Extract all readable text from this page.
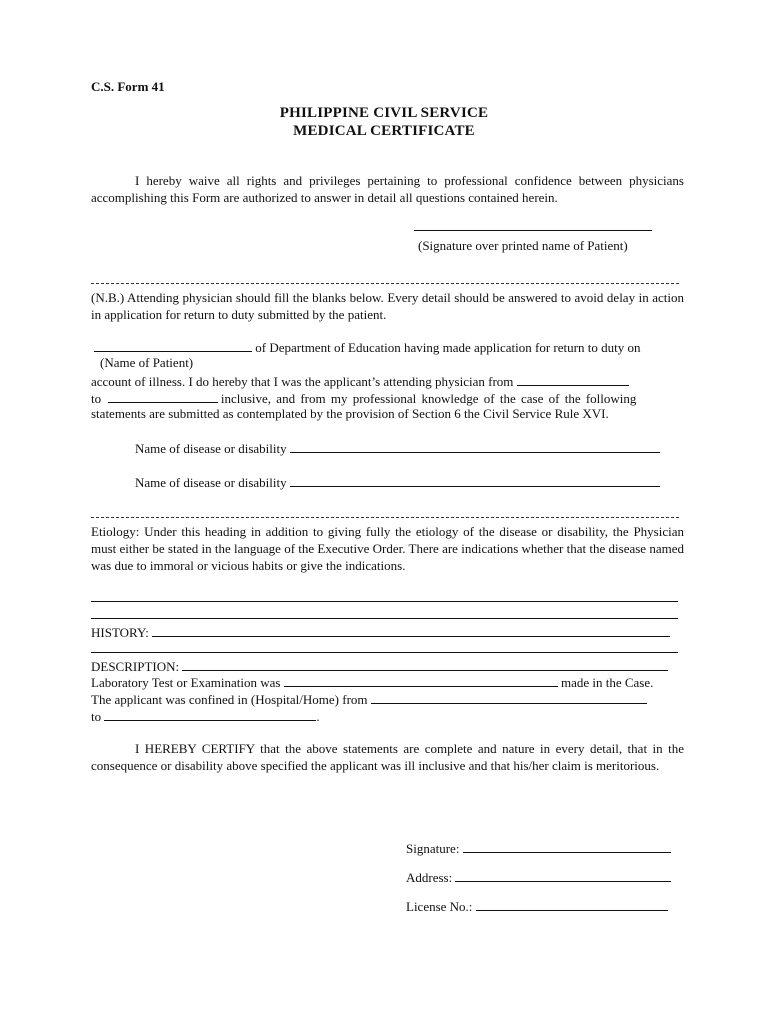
C.S. Form 41
PHILIPPINE CIVIL SERVICE
MEDICAL CERTIFICATE
I hereby waive all rights and privileges pertaining to professional confidence between physicians accomplishing this Form are authorized to answer in detail all questions contained herein.
(Signature over printed name of Patient)
(N.B.) Attending physician should fill the blanks below. Every detail should be answered to avoid delay in action in application for return to duty submitted by the patient.
of Department of Education having made application for return to duty on
(Name of Patient)
account of illness. I do hereby that I was the applicant’s attending physician from
to	inclusive, and from my professional knowledge of the case of the following
statements are submitted as contemplated by the provision of Section 6 the Civil Service Rule XVI.
Name of disease or disability
Name of disease or disability
Etiology: Under this heading in addition to giving fully the etiology of the disease or disability, the Physician must either be stated in the language of the Executive Order. There are indications whether that the disease named was due to immoral or vicious habits or give the indications.
HISTORY:
DESCRIPTION:
Laboratory Test or Examination was	made in the Case.
The applicant was confined in (Hospital/Home) from
to	.
I HEREBY CERTIFY that the above statements are complete and nature in every detail, that in the consequence or disability above specified the applicant was ill inclusive and that his/her claim is meritorious.
Signature:
Address:
License No.:
